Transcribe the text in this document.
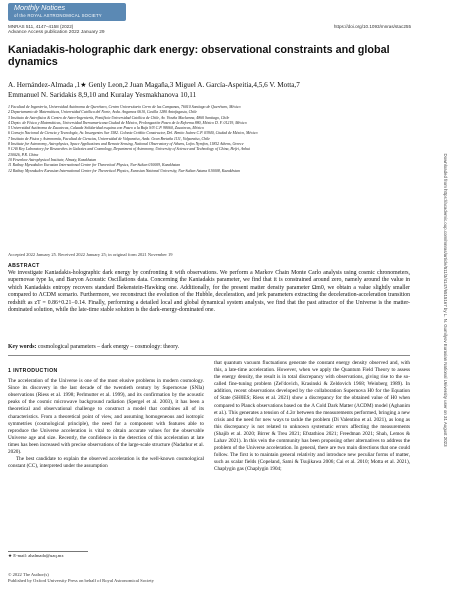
Monthly Notices
of the ROYAL ASTRONOMICAL SOCIETY
MNRAS 511, 4147–4158 (2022)	https://doi.org/10.1093/mnras/stac255
Advance Access publication 2022 January 29
Kaniadakis-holographic dark energy: observational constraints and global dynamics
A. Hernández-Almada ,1★ Genly Leon,2 Juan Magaña,3 Miguel A. García-Aspeitia,4,5,6 V. Motta,7
Emmanuel N. Saridakis 8,9,10 and Kuralay Yesmakhanova 10,11
1 Facultad de Ingeniería, Universidad Autónoma de Querétaro, Centro Universitario Cerro de las Campanas, 76010 Santiago de Querétaro, México
2 Departamento de Matemáticas, Universidad Católica del Norte, Avda. Angamos 0610, Casilla 1280 Antofagasta, Chile
3 Instituto de Astrofísica & Centro de Astro-Ingeniería, Pontificia Universidad Católica de Chile, Av. Vicuña Mackenna, 4860 Santiago, Chile
4 Depto. de Física y Matemáticas, Universidad Iberoamericana Ciudad de México, Prolongación Paseo de la Reforma 880, México D. F. 01219, México
5 Universidad Autónoma de Zacatecas, Calzada Solidaridad esquina con Paseo a la Bufa S/N C.P. 98060, Zacatecas, México
6 Consejo Nacional de Ciencia y Tecnología, Av. Insurgentes Sur 1582. Colonia Crédito Constructor, Del. Benito Juárez C.P. 03940, Ciudad de México, México
7 Instituto de Física y Astronomía, Facultad de Ciencias, Universidad de Valparaíso, Avda. Gran Bretaña 1111, Valparaíso, Chile
8 Institute for Astronomy, Astrophysics, Space Applications and Remote Sensing, National Observatory of Athens, Lofos Nymfon, 11852 Athens, Greece
9 CAS Key Laboratory for Researches in Galaxies and Cosmology, Department of Astronomy, University of Science and Technology of China, Hefei, Anhui
230026, P.R. China
10 Fesenkov Astrophysical Institute, Almaty, Kazakhstan
11 Ratbay Myrzakulov Eurasian International Centre for Theoretical Physics, Nur-Sultan 010009, Kazakhstan
12 Ratbay Myrzakulov Eurasian International Centre for Theoretical Physics, Eurasian National University, Nur-Sultan Astana 010008, Kazakhstan
Accepted 2022 January 25. Received 2022 January 25; in original form 2021 November 19
ABSTRACT

We investigate Kaniadakis-holographic dark energy by confronting it with observations. We perform a Markov Chain Monte Carlo analysis using cosmic chronometers, supernovae type Ia, and Baryon Acoustic Oscillations data. Concerning the Kaniadakis parameter, we find that it is constrained around zero, namely around the value in which Kaniadakis entropy recovers standard Bekenstein-Hawking one. Additionally, for the present matter density parameter Ωm0, we obtain a value slightly smaller compared to ΛCDM scenario. Furthermore, we reconstruct the evolution of the Hubble, deceleration, and jerk parameters extracting the deceleration-acceleration transition redshift as zT = 0.86+0.21−0.14. Finally, performing a detailed local and global dynamical system analysis, we find that the past attractor of the Universe is the matter-dominated solution, while the late-time stable solution is the dark-energy-dominated one.

Key words: cosmological parameters – dark energy – cosmology: theory.
1 INTRODUCTION

The acceleration of the Universe is one of the most elusive problems in modern cosmology. Since its discovery in the last decade of the twentieth century by Supernovae (SNIa) observations (Riess et al. 1998; Perlmutter et al. 1999), and its confirmation by the acoustic peaks of the cosmic microwave background radiation (Spergel et al. 2003), it has been a theoretical and observational challenge to construct a model that combines all of its characteristics. From a theoretical point of view, and assuming homogeneous and isotropic symmetries (cosmological principle), the need for a component with features able to reproduce the Universe acceleration is vital to obtain accurate values for the observable Universe age and size. Recently, the confidence in the detection of this acceleration at late times has been increased with precise observations of the large-scale structure (Nadathur et al. 2020).

The best candidate to explain the observed acceleration is the well-known cosmological constant (CC), interpreted under the assumption

that quantum vacuum fluctuations generate the constant energy density observed and, with this, a late-time acceleration. However, when we apply the Quantum Field Theory to assess the energy density, the result is in total discrepancy with observations, giving rise to the so-called fine-tuning problem (Zel'dovich, Krasinski & Zeldovich 1968; Weinberg 1989). In addition, recent observations developed by the collaboration Supernova H0 for the Equation of State (SH0ES; Riess et al. 2021) show a discrepancy for the obtained value of H0 when compared to Planck observations based on the Λ Cold Dark Matter (ΛCDM) model (Aghanim et al.). This generates a tension of 4.2σ between the measurements performed, bringing a new crisis and the need for new ways to tackle the problem (Di Valentino et al. 2021), as long as this discrepancy is not related to unknown systematic errors affecting the measurements (Shajib et al. 2020; Birrer & Treu 2021; Efstathiou 2021; Freedman 2021; Shah, Lemos & Lahav 2021). In this vein the community has been proposing other alternatives to address the problem of the Universe acceleration. In general, there are two main directions that one could follow. The first is to maintain general relativity and introduce new peculiar forms of matter, such as scalar fields (Copeland, Sami & Tsujikawa 2006; Cai et al. 2010; Motta et al. 2021), Chaplygin gas (Chaplygin 1904;

★ E-mail: ahalmada@uaq.mx
© 2022 The Author(s)
Published by Oxford University Press on behalf of Royal Astronomical Society
Downloaded from https://academic.oup.com/mnras/article/511/3/4147/6515167 by L. N. Gumilyov Eurasian National University user on 31 August 2023
